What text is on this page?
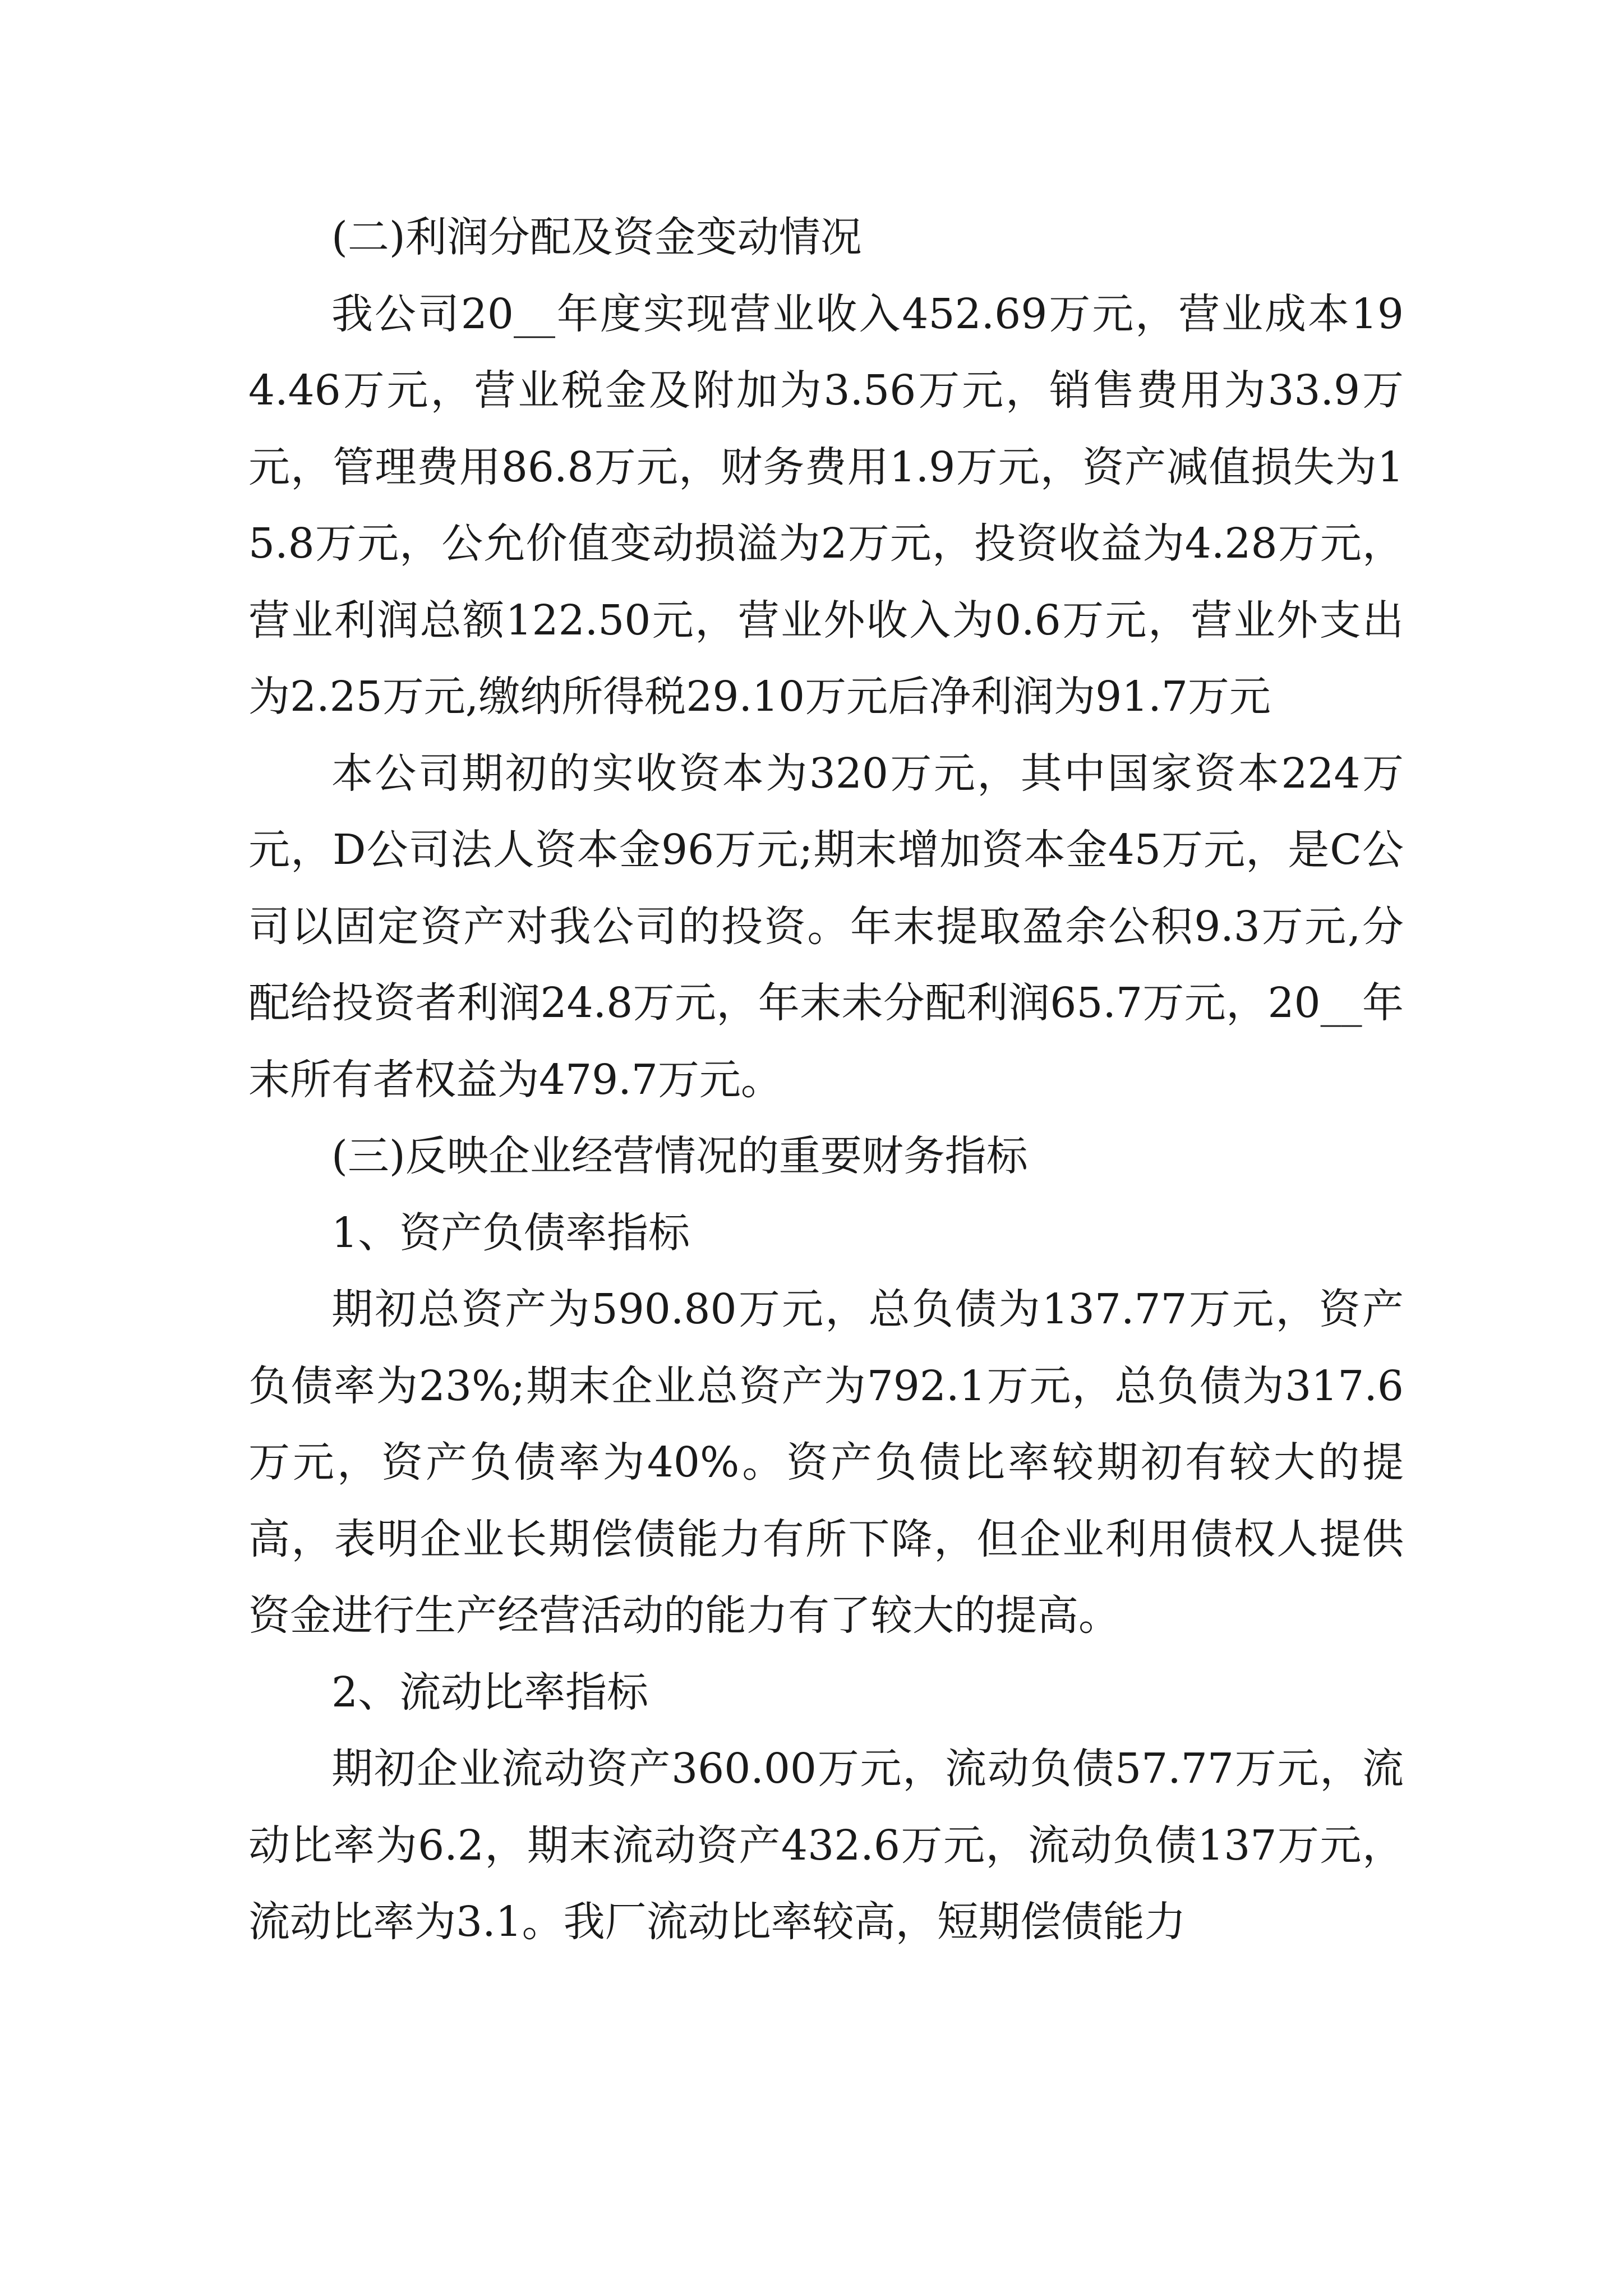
(二)利润分配及资金变动情况

我公司20__年度实现营业收入452.69万元，营业成本194.46万元，营业税金及附加为3.56万元，销售费用为33.9万元，管理费用86.8万元，财务费用1.9万元，资产减值损失为15.8万元，公允价值变动损溢为2万元，投资收益为4.28万元，营业利润总额122.50元，营业外收入为0.6万元，营业外支出为2.25万元,缴纳所得税29.10万元后净利润为91.7万元

本公司期初的实收资本为320万元，其中国家资本224万元，D公司法人资本金96万元;期末增加资本金45万元，是C公司以固定资产对我公司的投资。年末提取盈余公积9.3万元,分配给投资者利润24.8万元，年末未分配利润65.7万元，20__年末所有者权益为479.7万元。

(三)反映企业经营情况的重要财务指标

1、资产负债率指标

期初总资产为590.80万元，总负债为137.77万元，资产负债率为23%;期末企业总资产为792.1万元，总负债为317.6万元，资产负债率为40%。资产负债比率较期初有较大的提高，表明企业长期偿债能力有所下降，但企业利用债权人提供资金进行生产经营活动的能力有了较大的提高。

2、流动比率指标

期初企业流动资产360.00万元，流动负债57.77万元，流动比率为6.2，期末流动资产432.6万元，流动负债137万元，流动比率为3.1。我厂流动比率较高，短期偿债能力
